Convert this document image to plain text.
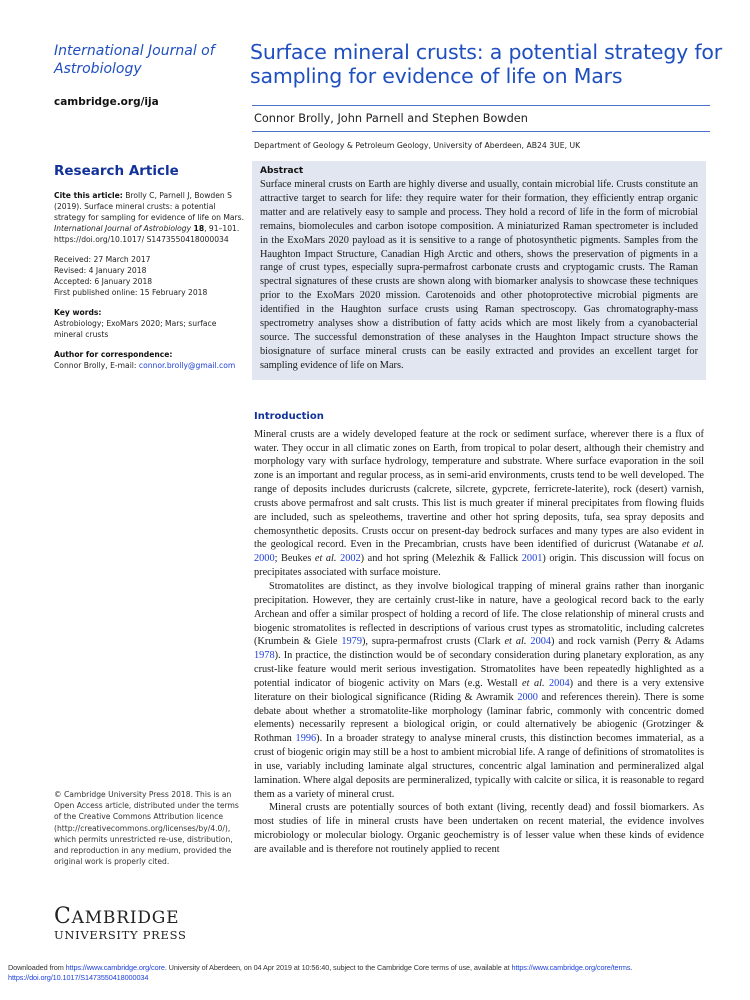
International Journal of
Astrobiology
cambridge.org/ija
Research Article
Cite this article: Brolly C, Parnell J, Bowden S (2019). Surface mineral crusts: a potential strategy for sampling for evidence of life on Mars. International Journal of Astrobiology 18, 91–101. https://doi.org/10.1017/ S1473550418000034
Received: 27 March 2017
Revised: 4 January 2018
Accepted: 6 January 2018
First published online: 15 February 2018
Key words:
Astrobiology; ExoMars 2020; Mars; surface mineral crusts
Author for correspondence:
Connor Brolly, E-mail: connor.brolly@gmail.com
© Cambridge University Press 2018. This is an Open Access article, distributed under the terms of the Creative Commons Attribution licence (http://creativecommons.org/licenses/by/4.0/), which permits unrestricted re-use, distribution, and reproduction in any medium, provided the original work is properly cited.
CAMBRIDGE
UNIVERSITY PRESS
Surface mineral crusts: a potential strategy for sampling for evidence of life on Mars
Connor Brolly, John Parnell and Stephen Bowden
Department of Geology & Petroleum Geology, University of Aberdeen, AB24 3UE, UK
Abstract

Surface mineral crusts on Earth are highly diverse and usually, contain microbial life. Crusts constitute an attractive target to search for life: they require water for their formation, they efficiently entrap organic matter and are relatively easy to sample and process. They hold a record of life in the form of microbial remains, biomolecules and carbon isotope composition. A miniaturized Raman spectrometer is included in the ExoMars 2020 payload as it is sensitive to a range of photosynthetic pigments. Samples from the Haughton Impact Structure, Canadian High Arctic and others, shows the preservation of pigments in a range of crust types, especially supra-permafrost carbonate crusts and cryptogamic crusts. The Raman spectral signatures of these crusts are shown along with biomarker analysis to showcase these techniques prior to the ExoMars 2020 mission. Carotenoids and other photoprotective microbial pigments are identified in the Haughton surface crusts using Raman spectroscopy. Gas chromatography-mass spectrometry analyses show a distribution of fatty acids which are most likely from a cyanobacterial source. The successful demonstration of these analyses in the Haughton Impact structure shows the biosignature of surface mineral crusts can be easily extracted and provides an excellent target for sampling evidence of life on Mars.

Introduction

Mineral crusts are a widely developed feature at the rock or sediment surface, wherever there is a flux of water. They occur in all climatic zones on Earth, from tropical to polar desert, although their chemistry and morphology vary with surface hydrology, temperature and substrate. Where surface evaporation in the soil zone is an important and regular process, as in semi-arid environments, crusts tend to be well developed. The range of deposits includes duricrusts (calcrete, silcrete, gypcrete, ferricrete-laterite), rock (desert) varnish, crusts above permafrost and salt crusts. This list is much greater if mineral precipitates from flowing fluids are included, such as speleothems, travertine and other hot spring deposits, tufa, sea spray deposits and chemosynthetic deposits. Crusts occur on present-day bedrock surfaces and many types are also evident in the geological record. Even in the Precambrian, crusts have been identified of duricrust (Watanabe et al. 2000; Beukes et al. 2002) and hot spring (Melezhik & Fallick 2001) origin. This discussion will focus on precipitates associated with surface moisture.

Stromatolites are distinct, as they involve biological trapping of mineral grains rather than inorganic precipitation. However, they are certainly crust-like in nature, have a geological record back to the early Archean and offer a similar prospect of holding a record of life. The close relationship of mineral crusts and biogenic stromatolites is reflected in descriptions of various crust types as stromatolitic, including calcretes (Krumbein & Giele 1979), supra-permafrost crusts (Clark et al. 2004) and rock varnish (Perry & Adams 1978). In practice, the distinction would be of secondary consideration during planetary exploration, as any crust-like feature would merit serious investigation. Stromatolites have been repeatedly highlighted as a potential indicator of biogenic activity on Mars (e.g. Westall et al. 2004) and there is a very extensive literature on their biological significance (Riding & Awramik 2000 and references therein). There is some debate about whether a stromatolite-like morphology (laminar fabric, commonly with concentric domed elements) necessarily represent a biological origin, or could alternatively be abiogenic (Grotzinger & Rothman 1996). In a broader strategy to analyse mineral crusts, this distinction becomes immaterial, as a crust of biogenic origin may still be a host to ambient microbial life. A range of definitions of stromatolites is in use, variably including laminate algal structures, concentric algal lamination and permineralized algal lamination. Where algal deposits are permineralized, typically with calcite or silica, it is reasonable to regard them as a variety of mineral crust.

Mineral crusts are potentially sources of both extant (living, recently dead) and fossil biomarkers. As most studies of life in mineral crusts have been undertaken on recent material, the evidence involves microbiology or molecular biology. Organic geochemistry is of lesser value when these kinds of evidence are available and is therefore not routinely applied to recent

Downloaded from https://www.cambridge.org/core. University of Aberdeen, on 04 Apr 2019 at 10:56:40, subject to the Cambridge Core terms of use, available at https://www.cambridge.org/core/terms.
https://doi.org/10.1017/S1473550418000034
